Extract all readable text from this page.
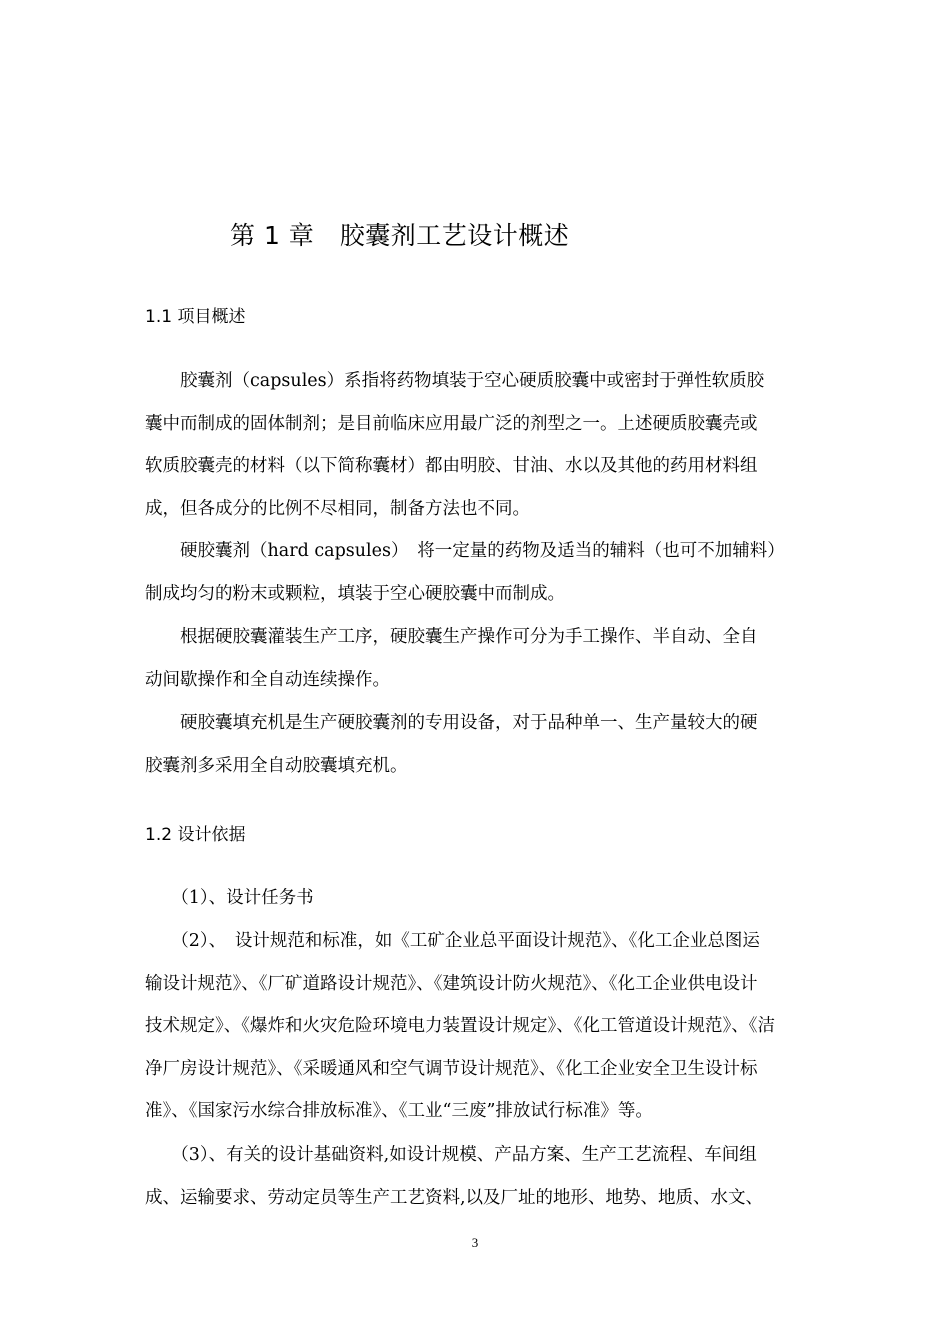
第 1 章　胶囊剂工艺设计概述
1.1 项目概述
　　胶囊剂（capsules）系指将药物填装于空心硬质胶囊中或密封于弹性软质胶
囊中而制成的固体制剂；是目前临床应用最广泛的剂型之一。上述硬质胶囊壳或
软质胶囊壳的材料（以下简称囊材）都由明胶、甘油、水以及其他的药用材料组
成，但各成分的比例不尽相同，制备方法也不同。
　　硬胶囊剂（hard capsules）　将一定量的药物及适当的辅料（也可不加辅料）
制成均匀的粉末或颗粒，填装于空心硬胶囊中而制成。
　　根据硬胶囊灌装生产工序，硬胶囊生产操作可分为手工操作、半自动、全自
动间歇操作和全自动连续操作。
　　硬胶囊填充机是生产硬胶囊剂的专用设备，对于品种单一、生产量较大的硬
胶囊剂多采用全自动胶囊填充机。
1.2 设计依据
　　（1）、设计任务书
　　（2）、　设计规范和标准，如《工矿企业总平面设计规范》、《化工企业总图运
输设计规范》、《厂矿道路设计规范》、《建筑设计防火规范》、《化工企业供电设计
技术规定》、《爆炸和火灾危险环境电力装置设计规定》、《化工管道设计规范》、《洁
净厂房设计规范》、《采暖通风和空气调节设计规范》、《化工企业安全卫生设计标
准》、《国家污水综合排放标准》、《工业“三废”排放试行标准》等。
　　（3）、有关的设计基础资料,如设计规模、产品方案、生产工艺流程、车间组
成、运输要求、劳动定员等生产工艺资料,以及厂址的地形、地势、地质、水文、
3
